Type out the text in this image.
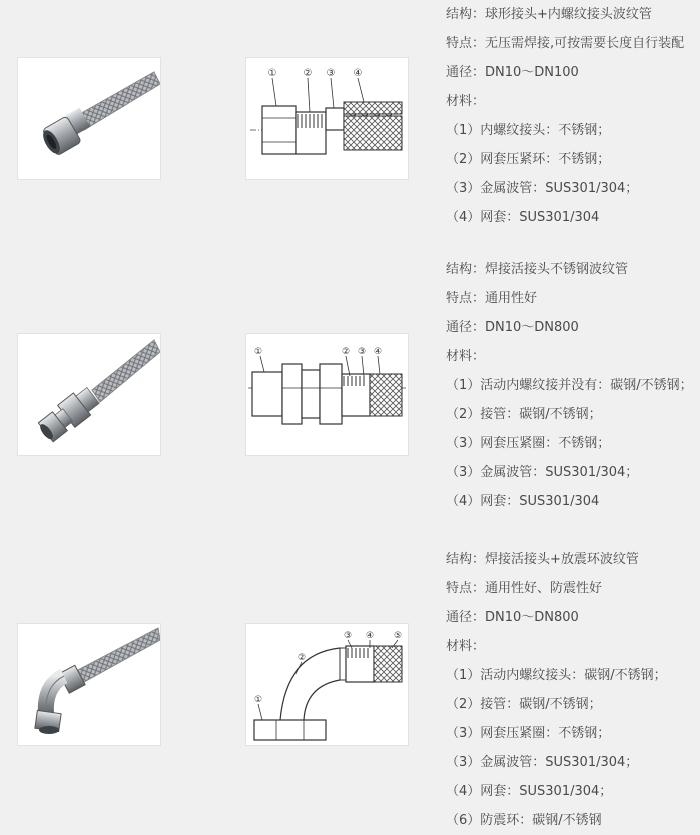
①	② ③ ④
结构：球形接头+内螺纹接头波纹管
特点：无压需焊接,可按需要长度自行装配
通径：DN10～DN100
材料：
（1）内螺纹接头：不锈钢；
（2）网套压紧环：不锈钢；
（3）金属波管：SUS301/304；
（4）网套：SUS301/304
①	② ③ ④
结构：焊接活接头不锈钢波纹管
特点：通用性好
通径：DN10～DN800
材料：
（1）活动内螺纹接并没有：碳钢/不锈钢；
（2）接管：碳钢/不锈钢；
（3）网套压紧圈：不锈钢；
（3）金属波管：SUS301/304；
（4）网套：SUS301/304
①
②
③ ④ ⑤
结构：焊接活接头+放震环波纹管
特点：通用性好、防震性好
通径：DN10～DN800
材料：
（1）活动内螺纹接头：碳钢/不锈钢；
（2）接管：碳钢/不锈钢；
（3）网套压紧圈：不锈钢；
（3）金属波管：SUS301/304；
（4）网套：SUS301/304；
（6）防震环：碳钢/不锈钢
